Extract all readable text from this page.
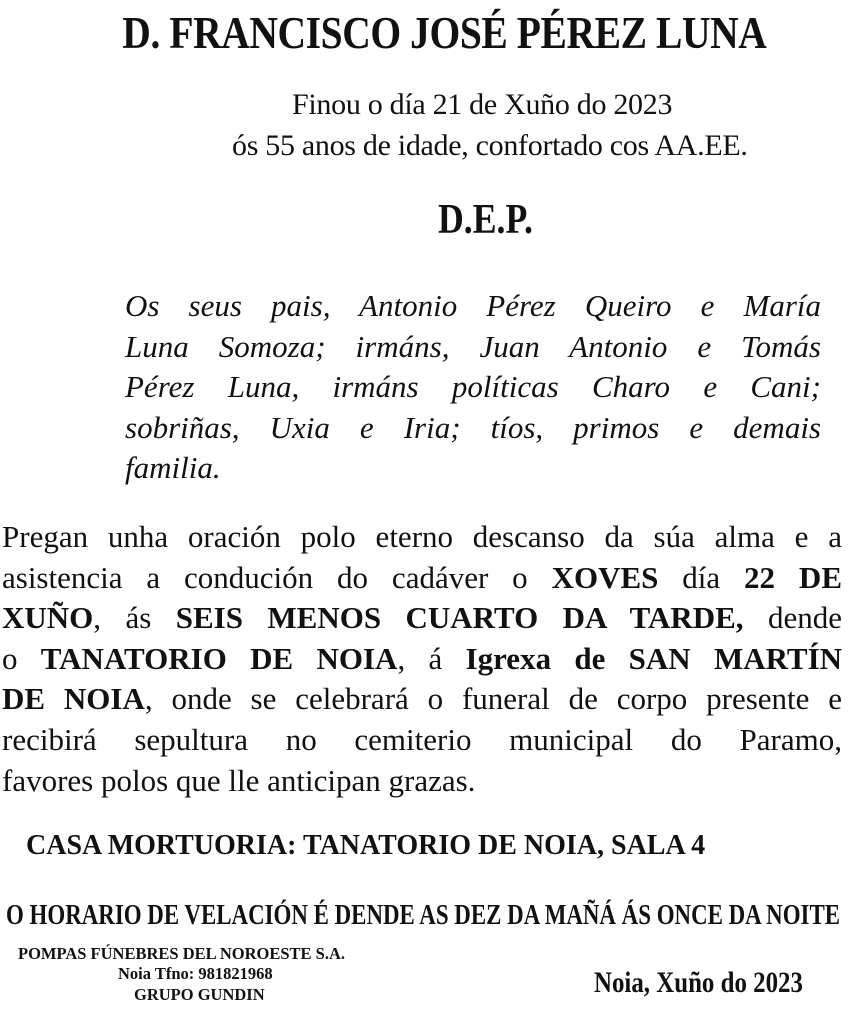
D. FRANCISCO JOSÉ PÉREZ LUNA
Finou o día 21 de Xuño do 2023
ós 55 anos de idade, confortado cos AA.EE.
D.E.P.
Os seus pais, Antonio Pérez Queiro e María
Luna Somoza; irmáns, Juan Antonio e Tomás
Pérez Luna, irmáns políticas Charo e Cani;
sobriñas, Uxia e Iria; tíos, primos e demais
familia.
Pregan unha oración polo eterno descanso da súa alma e a
asistencia a condución do cadáver o XOVES día 22 DE
XUÑO, ás SEIS MENOS CUARTO DA TARDE, dende
o TANATORIO DE NOIA, á Igrexa de SAN MARTÍN
DE NOIA, onde se celebrará o funeral de corpo presente e
recibirá sepultura no cemiterio municipal do Paramo,
favores polos que lle anticipan grazas.
CASA MORTUORIA: TANATORIO DE NOIA, SALA 4
O HORARIO DE VELACIÓN É DENDE AS DEZ DA MAÑÁ ÁS ONCE DA NOITE
POMPAS FÚNEBRES DEL NOROESTE S.A.
Noia Tfno: 981821968
GRUPO GUNDIN	Noia, Xuño do 2023
